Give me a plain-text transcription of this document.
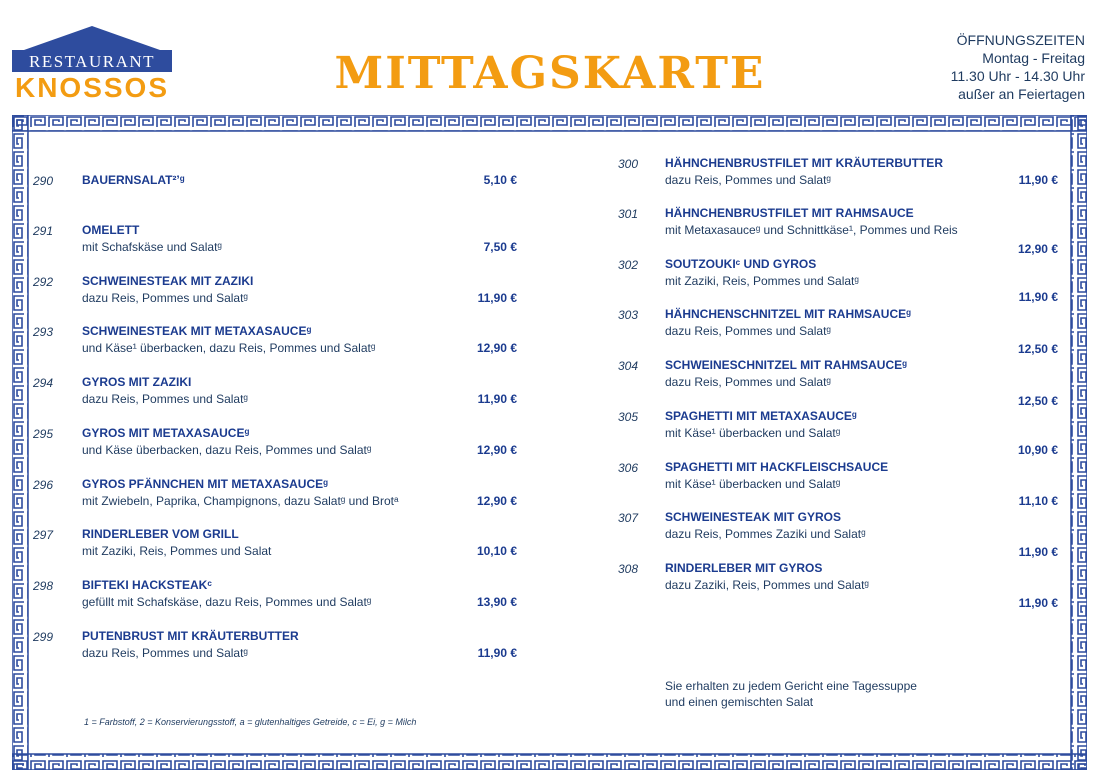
RESTAURANT
KNOSSOS	MITTAGSKARTE
ÖFFNUNGSZEITEN
Montag - Freitag
11.30 Uhr - 14.30 Uhr
außer an Feiertagen
290 BAUERNSALAT²ʼᵍ	5,10 €
291 OMELETT
mit Schafskäse und Salatᵍ	7,50 €
292 SCHWEINESTEAK MIT ZAZIKI
dazu Reis, Pommes und Salatᵍ	11,90 €
293 SCHWEINESTEAK MIT METAXASAUCEᵍ
und Käse¹ überbacken, dazu Reis, Pommes und Salatᵍ	12,90 €
294 GYROS MIT ZAZIKI
dazu Reis, Pommes und Salatᵍ	11,90 €
295 GYROS MIT METAXASAUCEᵍ
und Käse überbacken, dazu Reis, Pommes und Salatᵍ	12,90 €
296 GYROS PFÄNNCHEN MIT METAXASAUCEᵍ
mit Zwiebeln, Paprika, Champignons, dazu Salatᵍ und Brotᵃ	12,90 €
297 RINDERLEBER VOM GRILL
mit Zaziki, Reis, Pommes und Salat	10,10 €
298 BIFTEKI HACKSTEAKᶜ
gefüllt mit Schafskäse, dazu Reis, Pommes und Salatᵍ	13,90 €
299 PUTENBRUST MIT KRÄUTERBUTTER
dazu Reis, Pommes und Salatᵍ	11,90 €
300 HÄHNCHENBRUSTFILET MIT KRÄUTERBUTTER
dazu Reis, Pommes und Salatᵍ	11,90 €
301 HÄHNCHENBRUSTFILET MIT RAHMSAUCE
mit Metaxasauceᵍ und Schnittkäse¹, Pommes und Reis
12,90 €
302 SOUTZOUKIᶜ UND GYROS
mit Zaziki, Reis, Pommes und Salatᵍ
11,90 €
303 HÄHNCHENSCHNITZEL MIT RAHMSAUCEᵍ
dazu Reis, Pommes und Salatᵍ
12,50 €
304 SCHWEINESCHNITZEL MIT RAHMSAUCEᵍ
dazu Reis, Pommes und Salatᵍ
12,50 €
305 SPAGHETTI MIT METAXASAUCEᵍ
mit Käse¹ überbacken und Salatᵍ
10,90 €
306 SPAGHETTI MIT HACKFLEISCHSAUCE
mit Käse¹ überbacken und Salatᵍ
11,10 €
307 SCHWEINESTEAK MIT GYROS
dazu Reis, Pommes Zaziki und Salatᵍ
11,90 €
308 RINDERLEBER MIT GYROS
dazu Zaziki, Reis, Pommes und Salatᵍ
11,90 €
Sie erhalten zu jedem Gericht eine Tagessuppe
und einen gemischten Salat
1 = Farbstoff, 2 = Konservierungsstoff, a = glutenhaltiges Getreide, c = Ei, g = Milch
